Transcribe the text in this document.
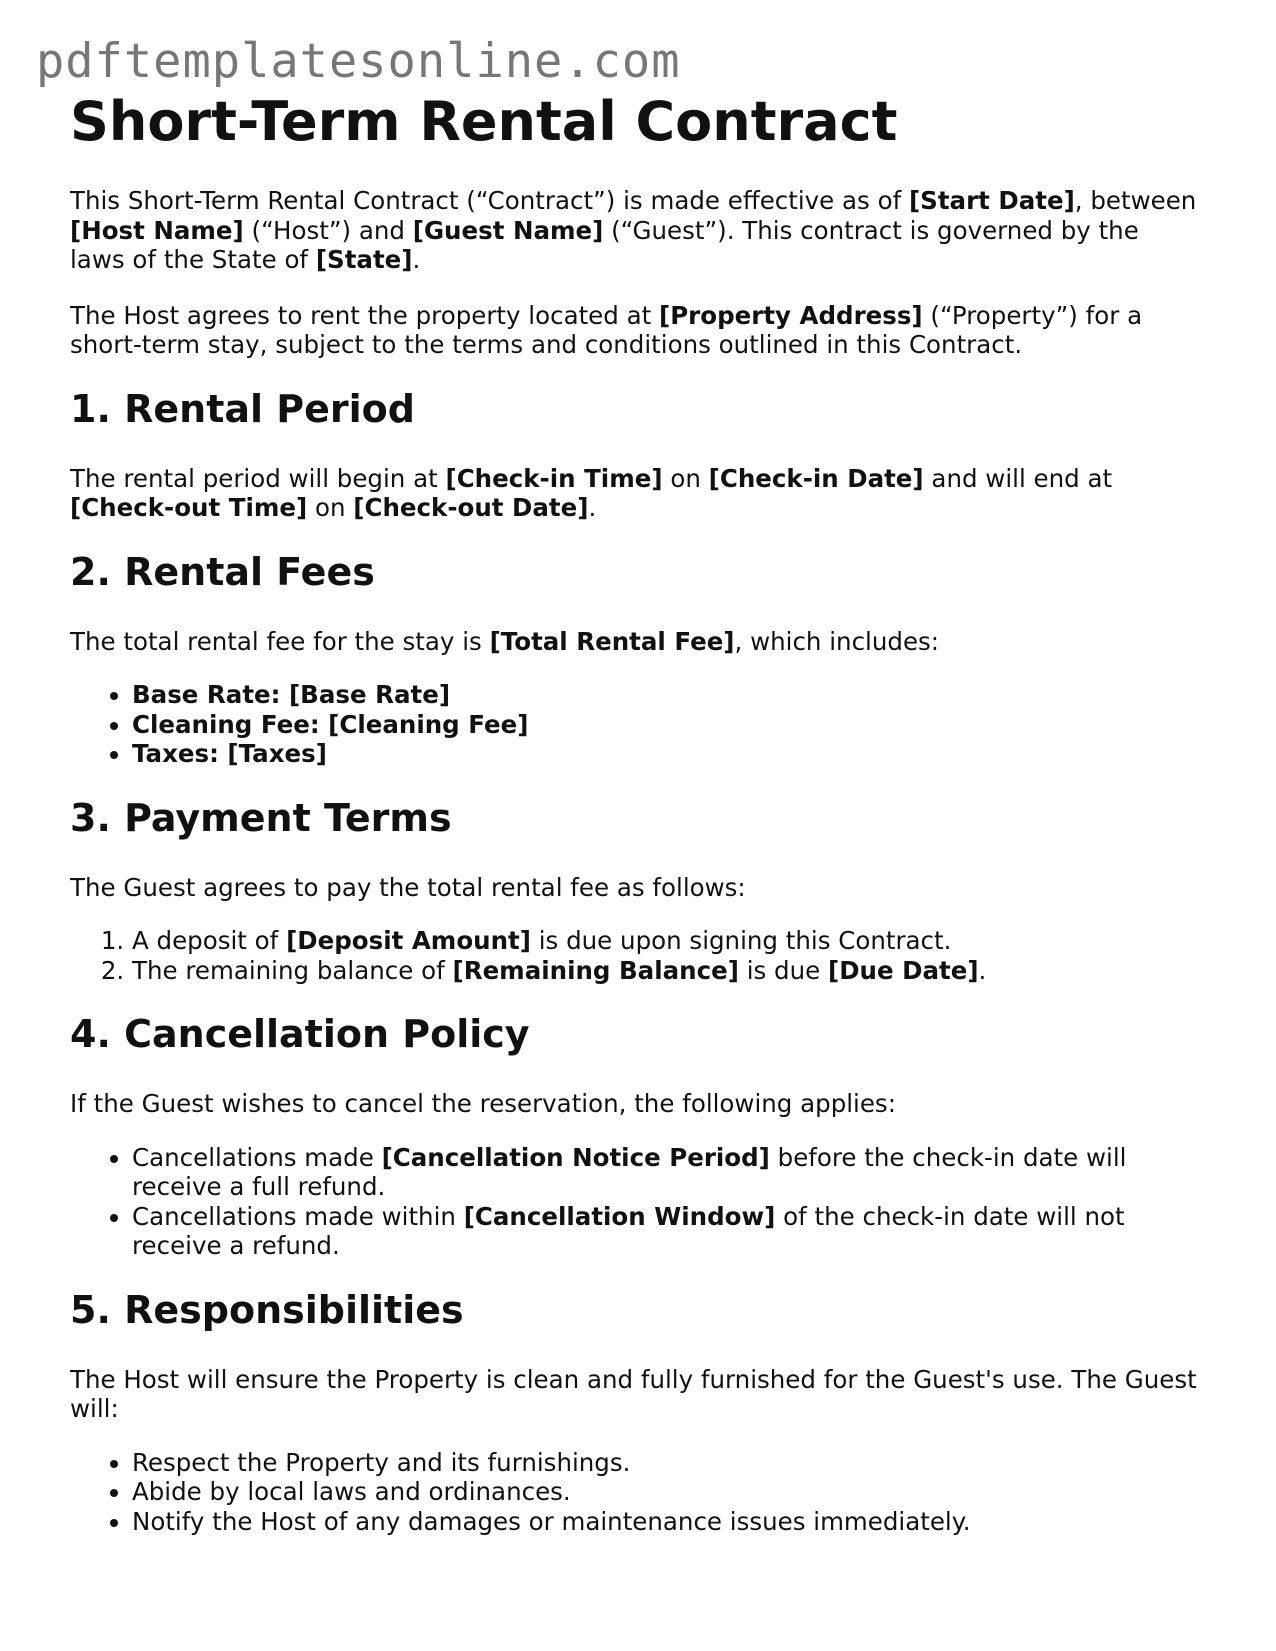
pdftemplatesonline.com
Short-Term Rental Contract

This Short-Term Rental Contract (“Contract”) is made effective as of [Start Date], between [Host Name] (“Host”) and [Guest Name] (“Guest”). This contract is governed by the laws of the State of [State].

The Host agrees to rent the property located at [Property Address] (“Property”) for a short-term stay, subject to the terms and conditions outlined in this Contract.

1. Rental Period

The rental period will begin at [Check-in Time] on [Check-in Date] and will end at [Check-out Time] on [Check-out Date].

2. Rental Fees

The total rental fee for the stay is [Total Rental Fee], which includes:

• Base Rate: [Base Rate]
• Cleaning Fee: [Cleaning Fee]
• Taxes: [Taxes]
3. Payment Terms

The Guest agrees to pay the total rental fee as follows:

1. A deposit of [Deposit Amount] is due upon signing this Contract.
2. The remaining balance of [Remaining Balance] is due [Due Date].
4. Cancellation Policy

If the Guest wishes to cancel the reservation, the following applies:

• Cancellations made [Cancellation Notice Period] before the check-in date will receive a full refund.
• Cancellations made within [Cancellation Window] of the check-in date will not receive a refund.
5. Responsibilities

The Host will ensure the Property is clean and fully furnished for the Guest's use. The Guest will:

• Respect the Property and its furnishings.
• Abide by local laws and ordinances.
• Notify the Host of any damages or maintenance issues immediately.
